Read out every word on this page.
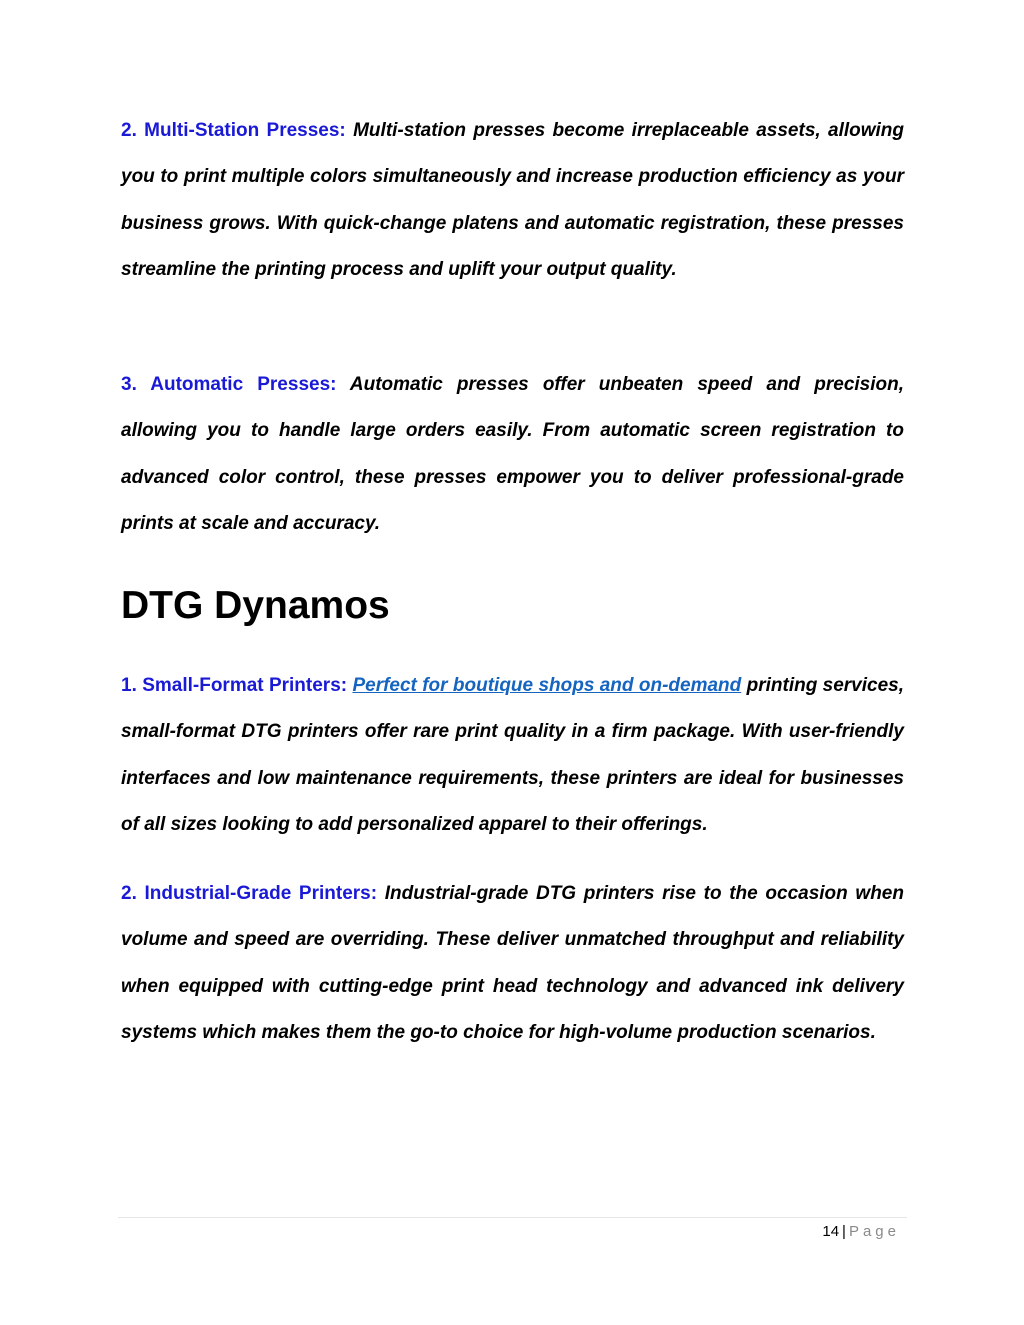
2. Multi-Station Presses: Multi-station presses become irreplaceable assets, allowing you to print multiple colors simultaneously and increase production efficiency as your business grows. With quick-change platens and automatic registration, these presses streamline the printing process and uplift your output quality.

3. Automatic Presses: Automatic presses offer unbeaten speed and precision, allowing you to handle large orders easily. From automatic screen registration to advanced color control, these presses empower you to deliver professional-grade prints at scale and accuracy.

DTG Dynamos

1. Small-Format Printers: Perfect for boutique shops and on-demand printing services, small-format DTG printers offer rare print quality in a firm package. With user-friendly interfaces and low maintenance requirements, these printers are ideal for businesses of all sizes looking to add personalized apparel to their offerings.

2. Industrial-Grade Printers: Industrial-grade DTG printers rise to the occasion when volume and speed are overriding. These deliver unmatched throughput and reliability when equipped with cutting-edge print head technology and advanced ink delivery systems which makes them the go-to choice for high-volume production scenarios.

14 | Page
